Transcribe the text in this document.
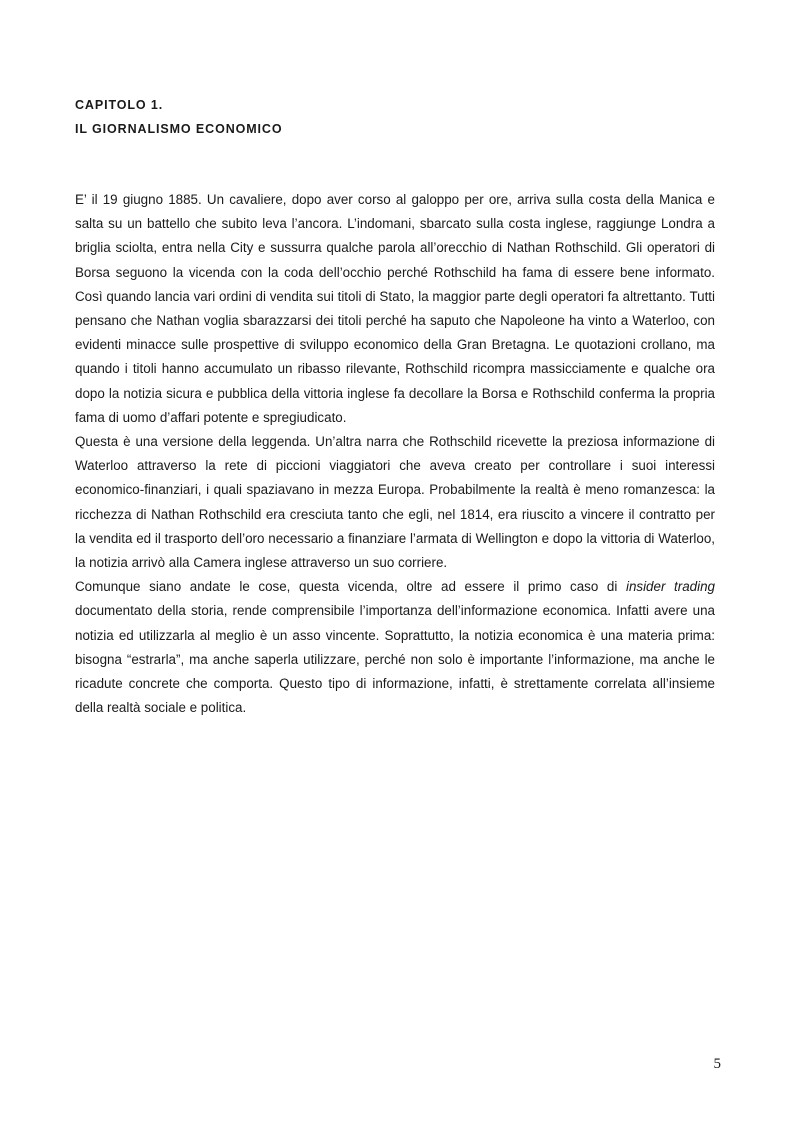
CAPITOLO 1.
IL GIORNALISMO ECONOMICO

E’ il 19 giugno 1885. Un cavaliere, dopo aver corso al galoppo per ore, arriva sulla costa della Manica e salta su un battello che subito leva l’ancora. L’indomani, sbarcato sulla costa inglese, raggiunge Londra a briglia sciolta, entra nella City e sussurra qualche parola all’orecchio di Nathan Rothschild. Gli operatori di Borsa seguono la vicenda con la coda dell’occhio perché Rothschild ha fama di essere bene informato. Così quando lancia vari ordini di vendita sui titoli di Stato, la maggior parte degli operatori fa altrettanto. Tutti pensano che Nathan voglia sbarazzarsi dei titoli perché ha saputo che Napoleone ha vinto a Waterloo, con evidenti minacce sulle prospettive di sviluppo economico della Gran Bretagna. Le quotazioni crollano, ma quando i titoli hanno accumulato un ribasso rilevante, Rothschild ricompra massicciamente e qualche ora dopo la notizia sicura e pubblica della vittoria inglese fa decollare la Borsa e Rothschild conferma la propria fama di uomo d’affari potente e spregiudicato.

Questa è una versione della leggenda. Un’altra narra che Rothschild ricevette la preziosa informazione di Waterloo attraverso la rete di piccioni viaggiatori che aveva creato per controllare i suoi interessi economico-finanziari, i quali spaziavano in mezza Europa. Probabilmente la realtà è meno romanzesca: la ricchezza di Nathan Rothschild era cresciuta tanto che egli, nel 1814, era riuscito a vincere il contratto per la vendita ed il trasporto dell’oro necessario a finanziare l’armata di Wellington e dopo la vittoria di Waterloo, la notizia arrivò alla Camera inglese attraverso un suo corriere.

Comunque siano andate le cose, questa vicenda, oltre ad essere il primo caso di insider trading documentato della storia, rende comprensibile l’importanza dell’informazione economica. Infatti avere una notizia ed utilizzarla al meglio è un asso vincente. Soprattutto, la notizia economica è una materia prima: bisogna “estrarla”, ma anche saperla utilizzare, perché non solo è importante l’informazione, ma anche le ricadute concrete che comporta. Questo tipo di informazione, infatti, è strettamente correlata all’insieme della realtà sociale e politica.

5
